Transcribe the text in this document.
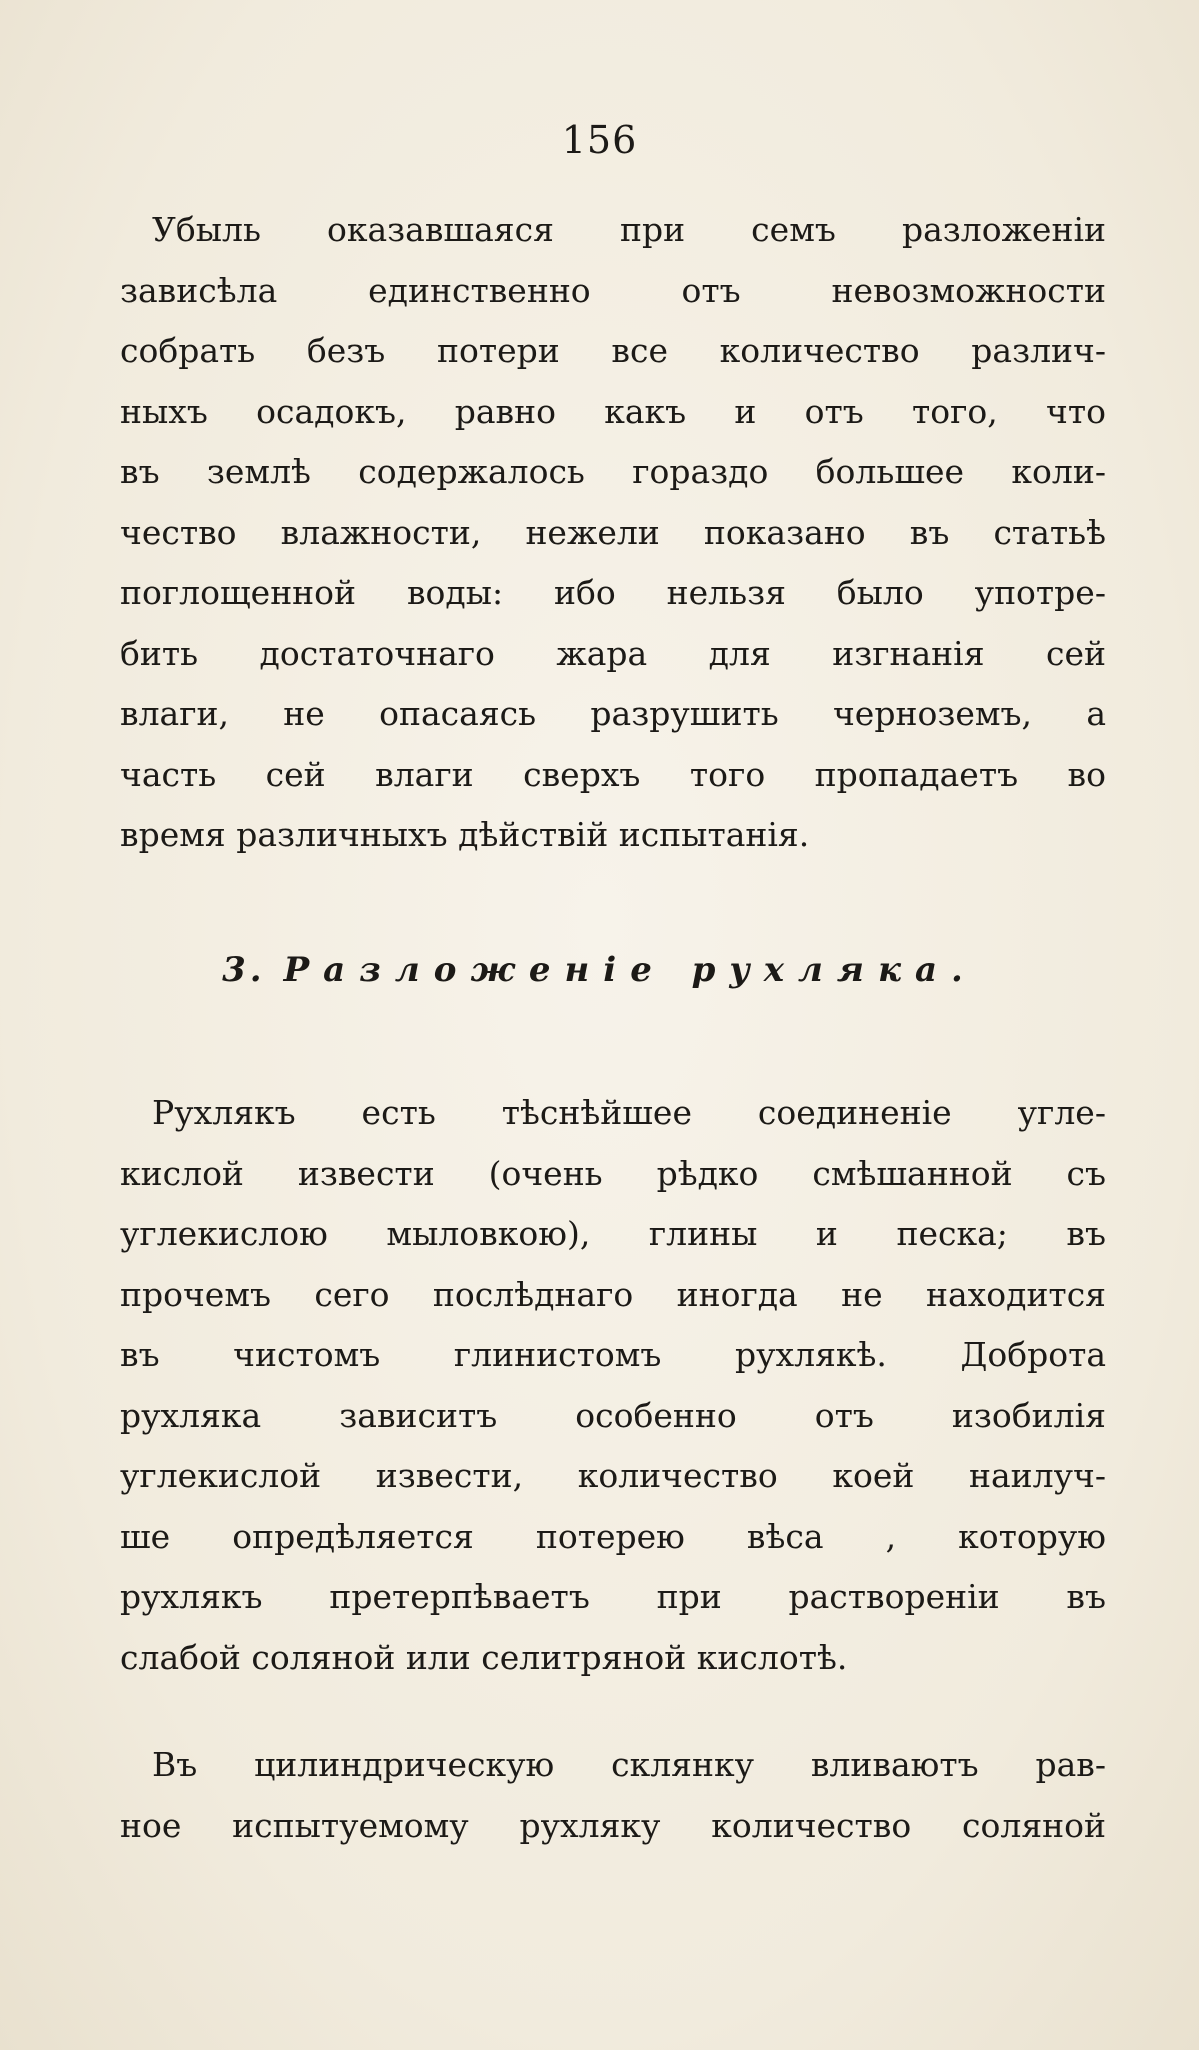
156
Убыль оказавшаяся при семъ разложеніи
зависѣла единственно отъ невозможности
собрать безъ потери все количество различ-
ныхъ осадокъ, равно какъ и отъ того, что
въ землѣ содержалось гораздо большее коли-
чество влажности, нежели показано въ статьѣ
поглощенной воды: ибо нельзя было употре-
бить достаточнаго жара для изгнанія сей
влаги, не опасаясь разрушить черноземъ, а
часть сей влаги сверхъ того пропадаетъ во
время различныхъ дѣйствій испытанія.
3. Разложеніе рухляка.
Рухлякъ есть тѣснѣйшее соединеніе угле-
кислой извести (очень рѣдко смѣшанной съ
углекислою мыловкою), глины и песка; въ
прочемъ сего послѣднаго иногда не находится
въ чистомъ глинистомъ рухлякѣ. Доброта
рухляка зависитъ особенно отъ изобилія
углекислой извести, количество коей наилуч-
ше опредѣляется потерею вѣса , которую
рухлякъ претерпѣваетъ при раствореніи въ
слабой соляной или селитряной кислотѣ.
Въ цилиндрическую склянку вливаютъ рав-
ное испытуемому рухляку количество соляной
